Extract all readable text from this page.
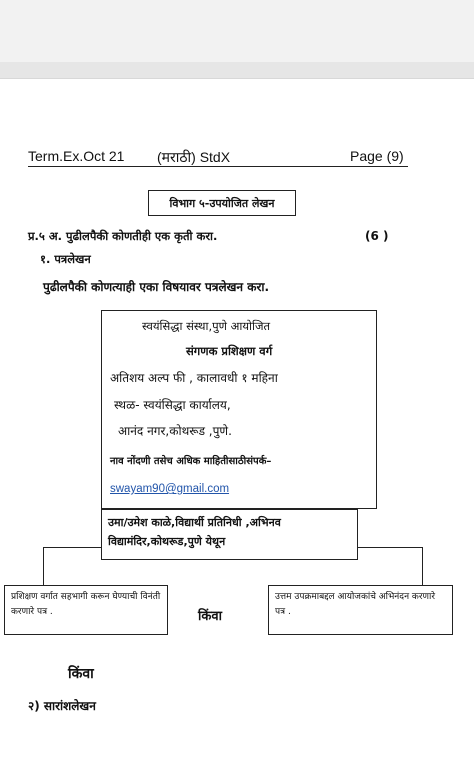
Term.Ex.Oct 21 (मराठी) StdX	Page (9)
विभाग ५-उपयोजित लेखन
प्र.५ अ. पुढीलपैकी कोणतीही एक कृती करा.	(6 )
१. पत्रलेखन
पुढीलपैकी कोणत्याही एका विषयावर पत्रलेखन करा.
स्वयंसिद्धा संस्था,पुणे आयोजित
संगणक प्रशिक्षण वर्ग
अतिशय अल्प फी , कालावधी १ महिना
स्थळ- स्वयंसिद्धा कार्यालय,
आनंद नगर,कोथरूड ,पुणे.
नाव नोंदणी तसेच अधिक माहितीसाठीसंपर्क–
swayam90@gmail.com
उमा/उमेश काळे,विद्यार्थी प्रतिनिधी ,अभिनव
विद्यामंदिर,कोथरूड,पुणे येथून
प्रशिक्षण वर्गात सहभागी करून घेण्याची विनंती करणारे पत्र .	किंवा
उत्तम उपक्रमाबद्दल आयोजकांचे अभिनंदन करणारे पत्र .
किंवा
२) सारांशलेखन
